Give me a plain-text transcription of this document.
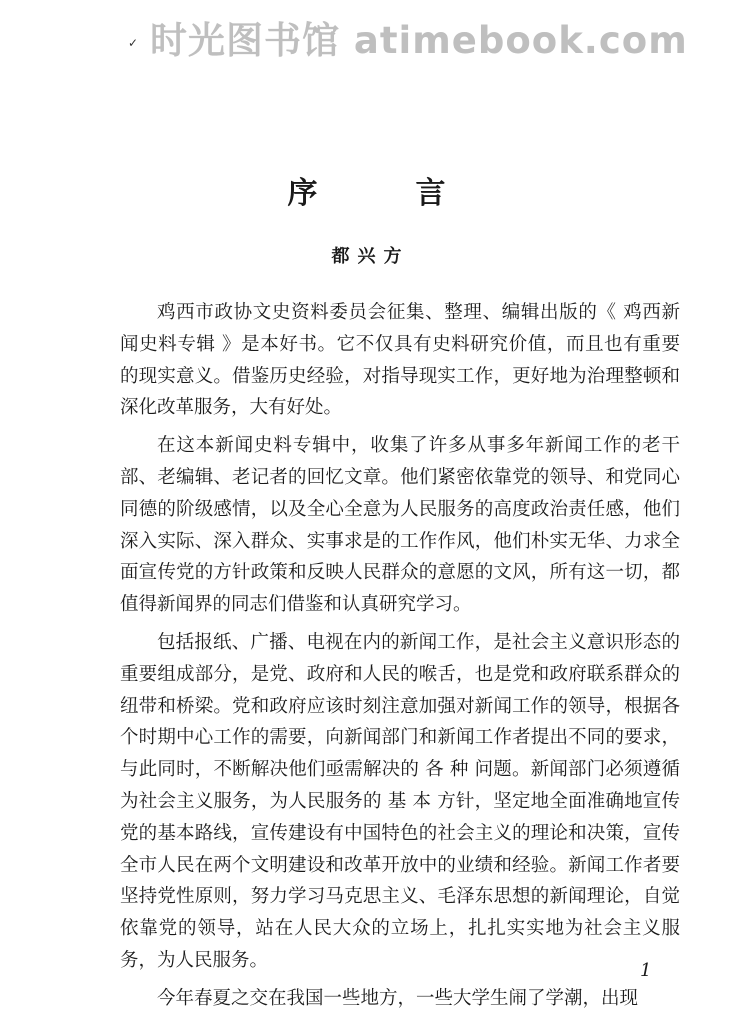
✓ 时光图书馆 atimebook.com
序言
都兴方

鸡西市政协文史资料委员会征集、整理、编辑出版的《 鸡西新闻史料专辑 》是本好书。它不仅具有史料研究价值，而且也有重要的现实意义。借鉴历史经验，对指导现实工作，更好地为治理整顿和深化改革服务，大有好处。

在这本新闻史料专辑中，收集了许多从事多年新闻工作的老干部、老编辑、老记者的回忆文章。他们紧密依靠党的领导、和党同心同德的阶级感情，以及全心全意为人民服务的高度政治责任感，他们深入实际、深入群众、实事求是的工作作风，他们朴实无华、力求全面宣传党的方针政策和反映人民群众的意愿的文风，所有这一切，都值得新闻界的同志们借鉴和认真研究学习。

包括报纸、广播、电视在内的新闻工作，是社会主义意识形态的重要组成部分，是党、政府和人民的喉舌，也是党和政府联系群众的纽带和桥梁。党和政府应该时刻注意加强对新闻工作的领导，根据各个时期中心工作的需要，向新闻部门和新闻工作者提出不同的要求，与此同时，不断解决他们亟需解决的 各 种 问题。新闻部门必须遵循为社会主义服务，为人民服务的 基 本 方针，坚定地全面准确地宣传党的基本路线，宣传建设有中国特色的社会主义的理论和决策，宣传全市人民在两个文明建设和改革开放中的业绩和经验。新闻工作者要坚持党性原则，努力学习马克思主义、毛泽东思想的新闻理论，自觉依靠党的领导，站在人民大众的立场上，扎扎实实地为社会主义服务，为人民服务。

今年春夏之交在我国一些地方，一些大学生闹了学潮，出现

1
